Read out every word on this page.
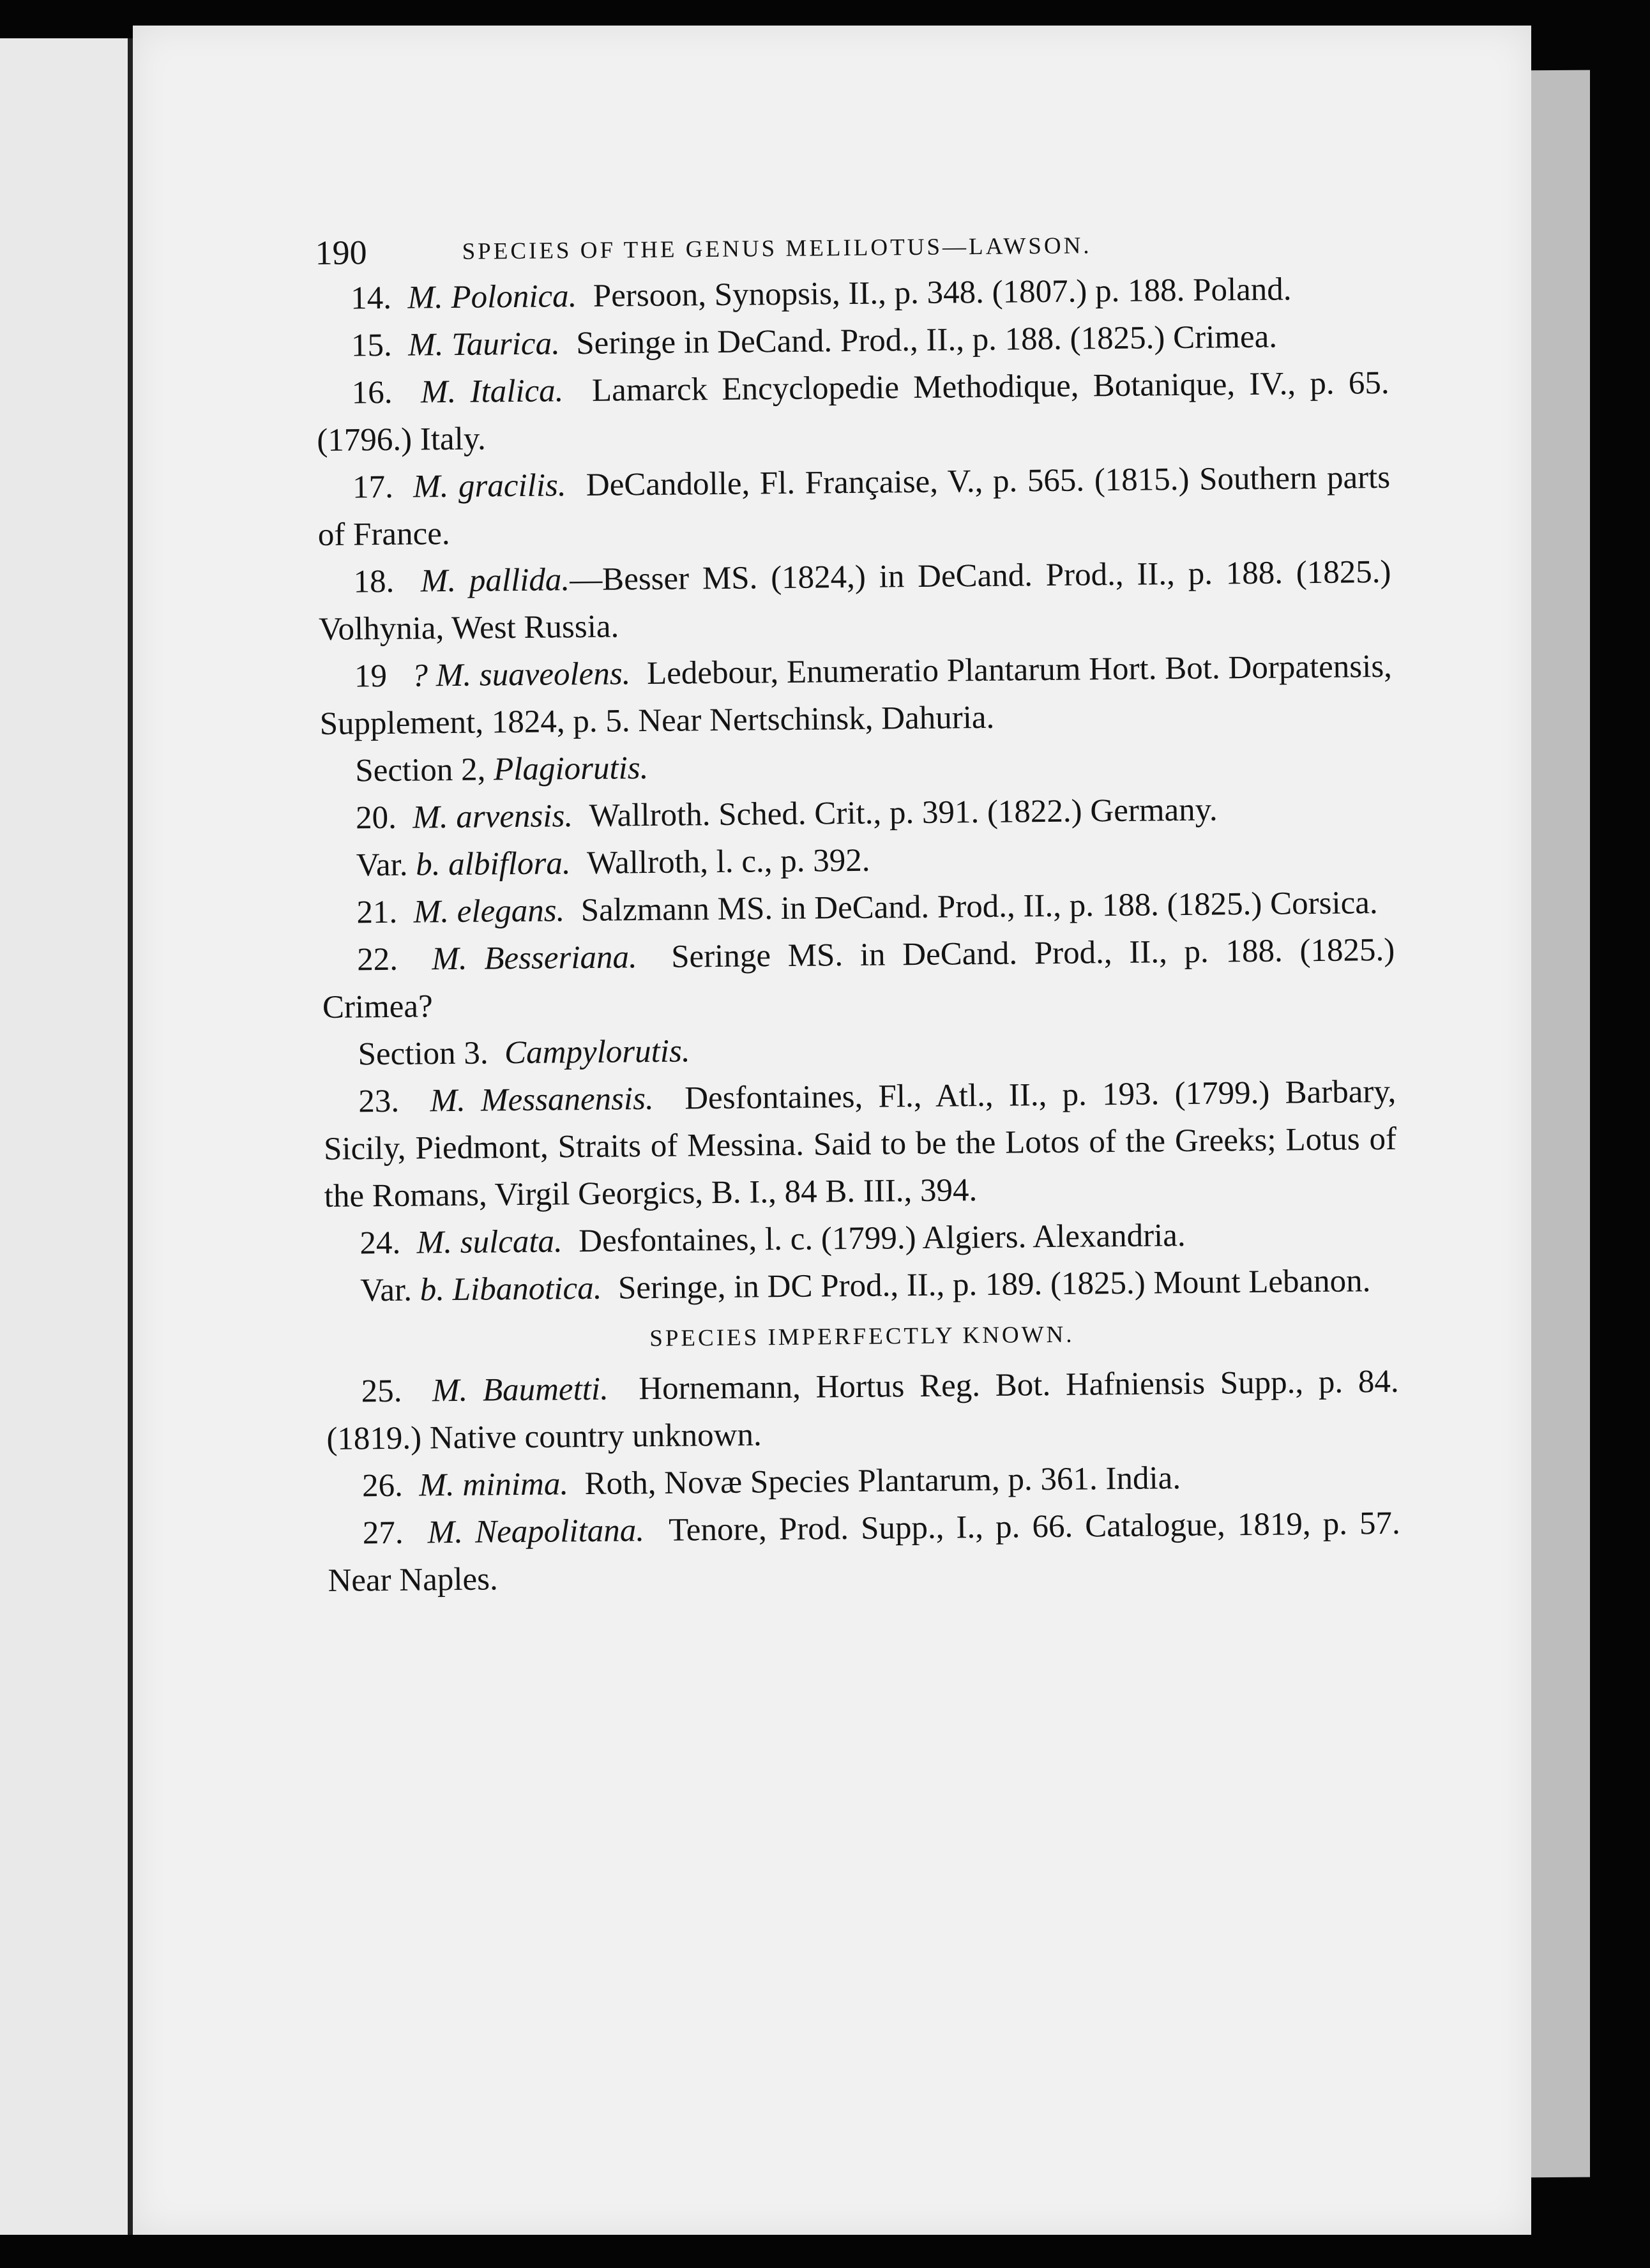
190	SPECIES OF THE GENUS MELILOTUS—LAWSON.

14. M. Polonica. Persoon, Synopsis, II., p. 348. (1807.) p. 188. Poland.

15. M. Taurica. Seringe in DeCand. Prod., II., p. 188. (1825.) Crimea.

16. M. Italica. Lamarck Encyclopedie Methodique, Botanique, IV., p. 65. (1796.) Italy.

17. M. gracilis. DeCandolle, Fl. Française, V., p. 565. (1815.) Southern parts of France.

18. M. pallida.—Besser MS. (1824,) in DeCand. Prod., II., p. 188. (1825.) Volhynia, West Russia.

19 ? M. suaveolens. Ledebour, Enumeratio Plantarum Hort. Bot. Dorpatensis, Supplement, 1824, p. 5. Near Nertschinsk, Dahuria.

Section 2, Plagiorutis.

20. M. arvensis. Wallroth. Sched. Crit., p. 391. (1822.) Germany.

Var. b. albiflora. Wallroth, l. c., p. 392.

21. M. elegans. Salzmann MS. in DeCand. Prod., II., p. 188. (1825.) Corsica.

22. M. Besseriana. Seringe MS. in DeCand. Prod., II., p. 188. (1825.) Crimea?

Section 3. Campylorutis.

23. M. Messanensis. Desfontaines, Fl., Atl., II., p. 193. (1799.) Barbary, Sicily, Piedmont, Straits of Messina. Said to be the Lotos of the Greeks; Lotus of the Romans, Virgil Georgics, B. I., 84 B. III., 394.

24. M. sulcata. Desfontaines, l. c. (1799.) Algiers. Alexandria.

Var. b. Libanotica. Seringe, in DC Prod., II., p. 189. (1825.) Mount Lebanon.

SPECIES IMPERFECTLY KNOWN.

25. M. Baumetti. Hornemann, Hortus Reg. Bot. Hafniensis Supp., p. 84. (1819.) Native country unknown.

26. M. minima. Roth, Novæ Species Plantarum, p. 361. India.

27. M. Neapolitana. Tenore, Prod. Supp., I., p. 66. Catalogue, 1819, p. 57. Near Naples.
